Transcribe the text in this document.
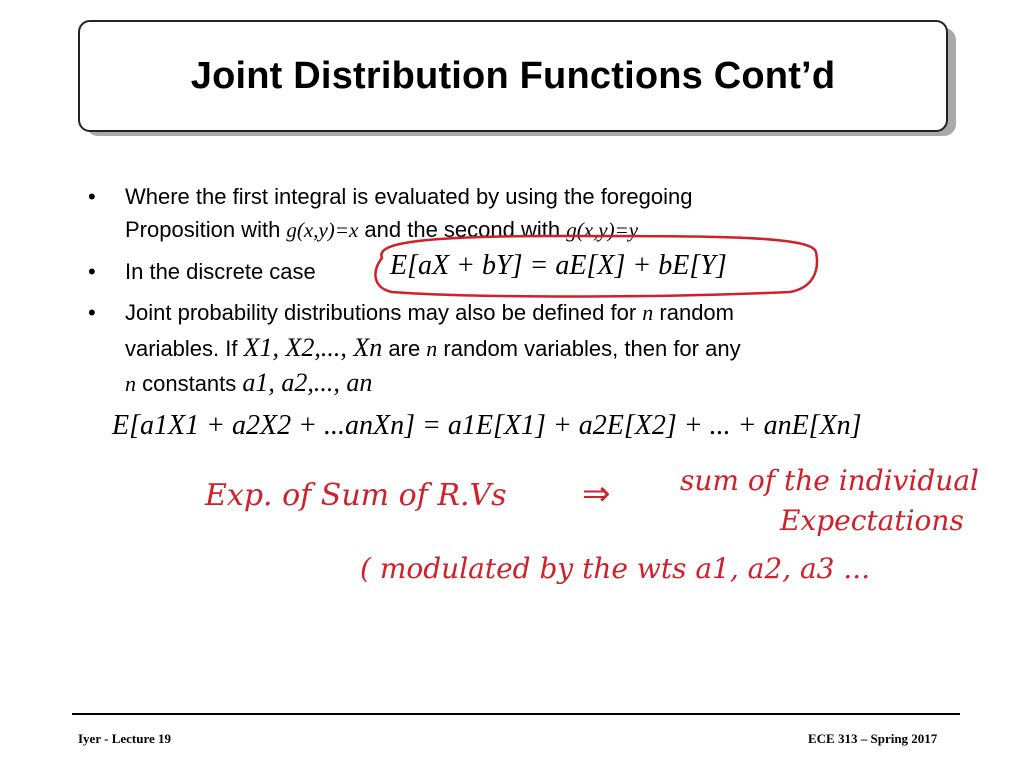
Joint Distribution Functions Cont’d
• Where the first integral is evaluated by using the foregoing
Proposition with g(x,y)=x and the second with g(x,y)=y
• In the discrete case	E[aX + bY] = aE[X] + bE[Y]
• Joint probability distributions may also be defined for n random
variables. If X1, X2,..., Xn are n random variables, then for any
n constants a1, a2,..., an
E[a1X1 + a2X2 + ...anXn] = a1E[X1] + a2E[X2] + ... + anE[Xn]
Exp. of Sum of R.Vs ⇒ sum of the individual
Expectations
( modulated by the wts a1, a2, a3 ...
Iyer - Lecture 19	ECE 313 – Spring 2017
